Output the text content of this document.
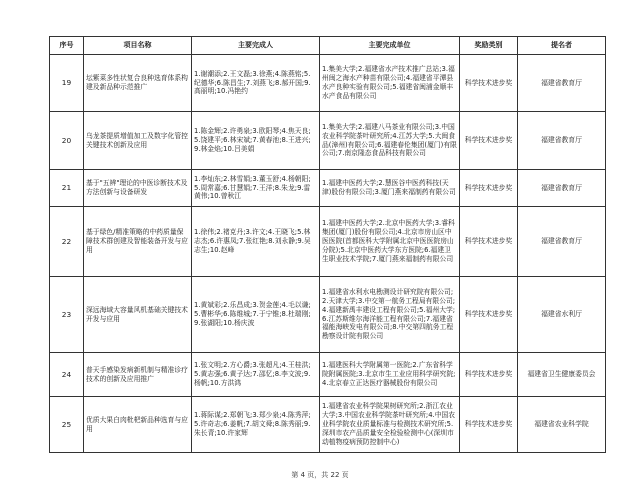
序号	项目名称	主要完成人	主要完成单位	奖励类别	提名者
19	坛紫菜多性状复合良种选育体系构建及新品种示范推广	1.谢潮添;2.王文磊;3.徐燕;4.陈燕铭;5.纪德华;6.陈昌生;7.刘燕飞;8.郝开国;9.高丽明;10.冯艳约	1.集美大学;2.福建省水产技术推广总站;3.福州闽之海水产种苗有限公司;4.福建省平潭县水产良种实验有限公司;5.福建省闽浦金顺丰水产食品有限公司	科学技术进步奖	福建省教育厅
20	乌龙茶提质增值加工及数字化管控关键技术创新及应用	1.陈金辉;2.许勇泉;3.欧阳琴;4.焦天良;5.饶建平;6.林宋斌;7.黄春池;8.王进兴;9.林金焰;10.吕美娟	1.集美大学;2.福建八马茶业有限公司;3.中国农业科学院茶叶研究所;4.江苏大学;5.大闽食品(漳州)有限公司;6.福建春伦集团(厦门)有限公司;7.南京隆态食品科技有限公司	科学技术进步奖	福建省教育厅
21	基于"五辨"理论的中医诊断技术及方法创新与设备研发	1.李灿东;2.林雪娟;3.董玉舒;4.杨朝阳;5.周常嘉;6.甘慧娟;7.王洋;8.朱龙;9.雷黄伟;10.曾秋江	1.福建中医药大学;2.慧医谷中医药科技(天津)股份有限公司;3.厦门燕来福制药有限公司	科学技术进步奖	福建省教育厅
22	基于绿色/精准策略的中药质量保障技术群创建及智能装备开发与应用	1.徐伟;2.褚克丹;3.许文;4.王晓飞;5.林志杰;6.许惠凤;7.张红艳;8.刘永静;9.吴志生;10.赵峰	1.福建中医药大学;2.北京中医药大学;3.睿科集团(厦门)股份有限公司;4.北京市房山区中医医院(首都医科大学附属北京中医医院房山分院);5.北京中医药大学东方医院;6.福建卫生职业技术学院;7.厦门燕来福制药有限公司	科学技术进步奖	福建省教育厅
23	深远海域大容量风机基础关键技术开发与应用	1.黄斌彩;2.乐昌成;3.贺金莲;4.毛以谦;5.曹彬华;6.陈维城;7.于宁锥;8.杜瑞刚;9.张湖阳;10.杨庆波	1.福建省水利水电勘测设计研究院有限公司;2.天津大学;3.中交第一航务工程局有限公司;4.福建新禹丰建设工程有限公司;5.福州大学;6.江苏斯维尔海洋能工程有限公司;7.福建省福能海峡发电有限公司;8.中交第四航务工程勘察设计院有限公司	科学技术进步奖	福建省水利厅
24	普天手感染发病新机制与精准诊疗技术的创新及应用推广	1.张文明;2.方心爵;3.张超凡;4.王桂洪;5.黄志强;6.黄子达;7.邵忆;8.李文波;9.杨帆;10.方洪鸿	1.福建医科大学附属第一医院;2.广东省科学院附属医院;3.北京市生工业应用科学研究院;4.北京春立正达医疗器械股份有限公司	科学技术进步奖	福建省卫生健康委员会
25	优质大果白肉枇杷新品种选育与应用	1.蒋际谋;2.郑朝飞;3.郑少泉;4.陈秀萍;5.许奇志;6.姜帆;7.胡文舜;8.陈秀丽;9.朱长青;10.许家辉	1.福建省农业科学院果树研究所;2.浙江农业大学;3.中国农业科学院茶叶研究所;4.中国农业科学院农业质量标准与检测技术研究所;5.深圳市农产品质量安全检验检测中心(深圳市动植物疫病预防控制中心)	科学技术进步奖	福建省农业科学院
第 4 页，共 22 页
